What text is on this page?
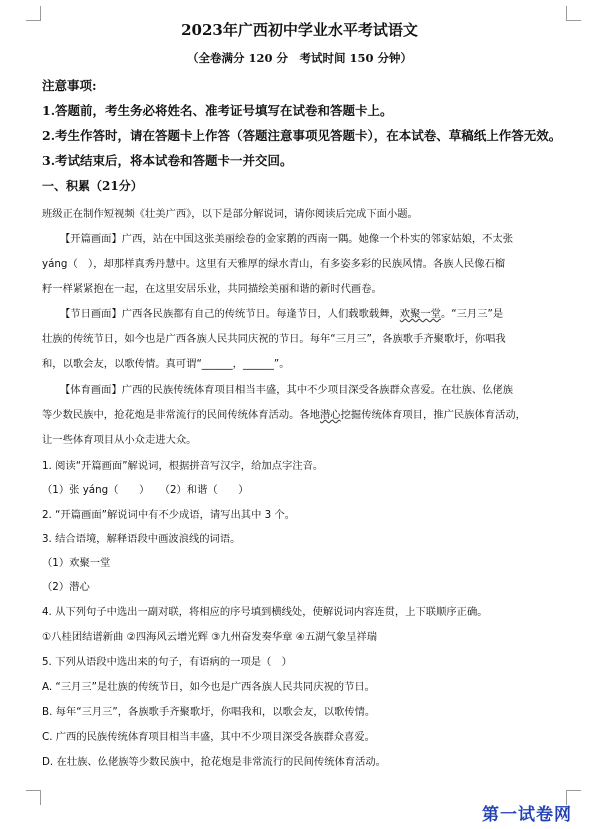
2023年广西初中学业水平考试语文
（全卷满分 120 分　考试时间 150 分钟）
注意事项:
1.答题前，考生务必将姓名、准考证号填写在试卷和答题卡上。
2.考生作答时，请在答题卡上作答（答题注意事项见答题卡），在本试卷、草稿纸上作答无效。
3.考试结束后，将本试卷和答题卡一并交回。
一、积累（21分）
班级正在制作短视频《壮美广西》，以下是部分解说词，请你阅读后完成下面小题。
【开篇画面】广西，站在中国这张美丽绘卷的金家鹅的西南一隅。她像一个朴实的邻家姑娘，不太张
yáng（　），却那样真秀丹慧中。这里有天雅厚的绿水青山，有多姿多彩的民族风情。各族人民像石榴
籽一样紧紧抱在一起，在这里安居乐业，共同描绘美丽和谐的新时代画卷。
【节日画面】广西各民族都有自己的传统节日。每逢节日，人们载歌载舞，欢聚一堂。“三月三”是
壮族的传统节日，如今也是广西各族人民共同庆祝的节日。每年“三月三”，各族歌手齐聚歌圩，你唱我
和，以歌会友，以歌传情。真可谓“______，______”。
【体育画面】广西的民族传统体育项目相当丰盛，其中不少项目深受各族群众喜爱。在壮族、仫佬族
等少数民族中，抢花炮是非常流行的民间传统体育活动。各地潜心挖掘传统体育项目，推广民族体育活动，
让一些体育项目从小众走进大众。
1. 阅读“开篇画面”解说词，根据拼音写汉字，给加点字注音。
（1）张 yáng（　　）　　（2）和谐（　　）
2. “开篇画面”解说词中有不少成语，请写出其中 3 个。
3. 结合语境，解释语段中画波浪线的词语。
（1）欢聚一堂
（2）潜心
4. 从下列句子中选出一副对联，将相应的序号填到横线处，使解说词内容连贯，上下联顺序正确。
①八桂团结谱新曲 ②四海风云增光辉 ③九州奋发奏华章 ④五湖气象呈祥瑞
5. 下列从语段中选出来的句子，有语病的一项是（　）
A. “三月三”是壮族的传统节日，如今也是广西各族人民共同庆祝的节日。
B. 每年“三月三”，各族歌手齐聚歌圩，你唱我和，以歌会友，以歌传情。
C. 广西的民族传统体育项目相当丰盛，其中不少项目深受各族群众喜爱。
D. 在壮族、仫佬族等少数民族中，抢花炮是非常流行的民间传统体育活动。
第一试卷网
